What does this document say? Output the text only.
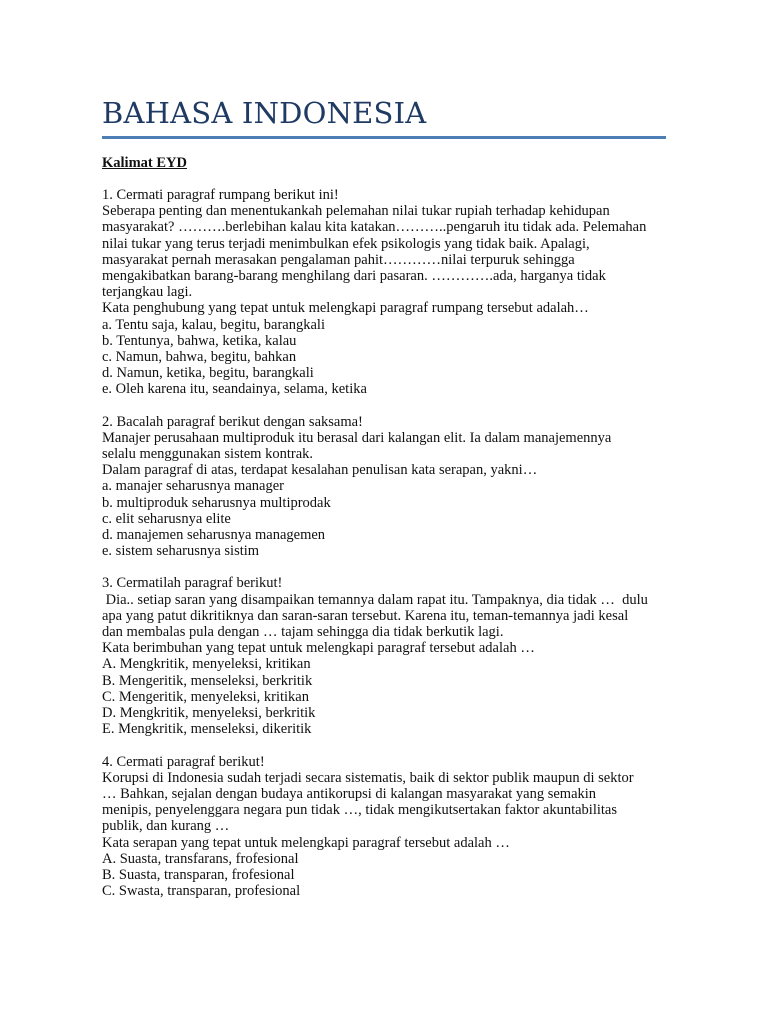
BAHASA INDONESIA
Kalimat EYD
1. Cermati paragraf rumpang berikut ini!
Seberapa penting dan menentukankah pelemahan nilai tukar rupiah terhadap kehidupan
masyarakat? ……….berlebihan kalau kita katakan………..pengaruh itu tidak ada. Pelemahan
nilai tukar yang terus terjadi menimbulkan efek psikologis yang tidak baik. Apalagi,
masyarakat pernah merasakan pengalaman pahit…………nilai terpuruk sehingga
mengakibatkan barang-barang menghilang dari pasaran. ………….ada, harganya tidak
terjangkau lagi.
Kata penghubung yang tepat untuk melengkapi paragraf rumpang tersebut adalah…
a. Tentu saja, kalau, begitu, barangkali
b. Tentunya, bahwa, ketika, kalau
c. Namun, bahwa, begitu, bahkan
d. Namun, ketika, begitu, barangkali
e. Oleh karena itu, seandainya, selama, ketika
2. Bacalah paragraf berikut dengan saksama!
Manajer perusahaan multiproduk itu berasal dari kalangan elit. Ia dalam manajemennya
selalu menggunakan sistem kontrak.
Dalam paragraf di atas, terdapat kesalahan penulisan kata serapan, yakni…
a. manajer seharusnya manager
b. multiproduk seharusnya multiprodak
c. elit seharusnya elite
d. manajemen seharusnya managemen
e. sistem seharusnya sistim
3. Cermatilah paragraf berikut!
Dia.. setiap saran yang disampaikan temannya dalam rapat itu. Tampaknya, dia tidak …  dulu
apa yang patut dikritiknya dan saran-saran tersebut. Karena itu, teman-temannya jadi kesal
dan membalas pula dengan … tajam sehingga dia tidak berkutik lagi.
Kata berimbuhan yang tepat untuk melengkapi paragraf tersebut adalah …
A. Mengkritik, menyeleksi, kritikan
B. Mengeritik, menseleksi, berkritik
C. Mengeritik, menyeleksi, kritikan
D. Mengkritik, menyeleksi, berkritik
E. Mengkritik, menseleksi, dikeritik
4. Cermati paragraf berikut!
Korupsi di Indonesia sudah terjadi secara sistematis, baik di sektor publik maupun di sektor
… Bahkan, sejalan dengan budaya antikorupsi di kalangan masyarakat yang semakin
menipis, penyelenggara negara pun tidak …, tidak mengikutsertakan faktor akuntabilitas
publik, dan kurang …
Kata serapan yang tepat untuk melengkapi paragraf tersebut adalah …
A. Suasta, transfarans, frofesional
B. Suasta, transparan, frofesional
C. Swasta, transparan, profesional
